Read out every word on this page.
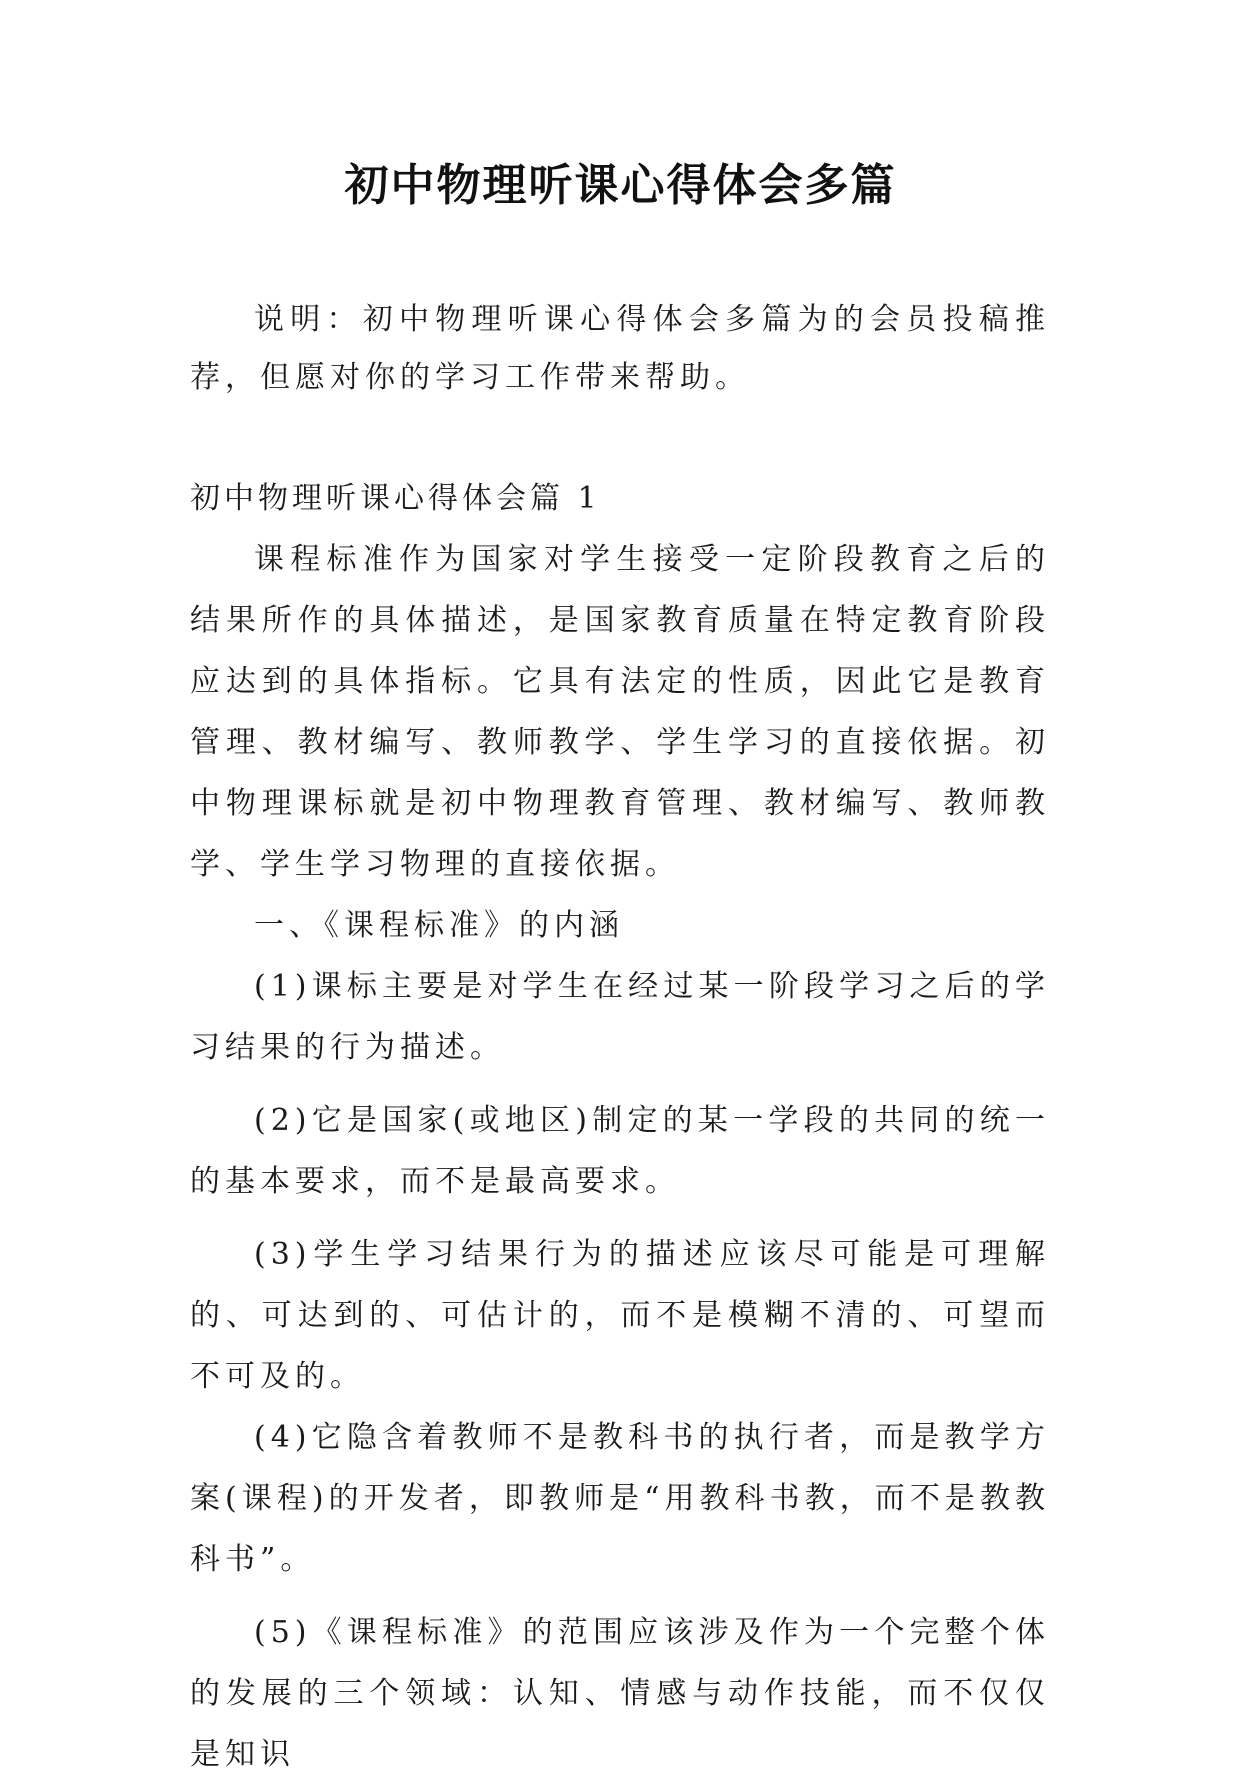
初中物理听课心得体会多篇

说明：初中物理听课心得体会多篇为的会员投稿推荐，但愿对你的学习工作带来帮助。

初中物理听课心得体会篇 1

课程标准作为国家对学生接受一定阶段教育之后的结果所作的具体描述，是国家教育质量在特定教育阶段应达到的具体指标。它具有法定的性质，因此它是教育管理、教材编写、教师教学、学生学习的直接依据。初中物理课标就是初中物理教育管理、教材编写、教师教学、学生学习物理的直接依据。

一、《课程标准》的内涵

(1)课标主要是对学生在经过某一阶段学习之后的学习结果的行为描述。

(2)它是国家(或地区)制定的某一学段的共同的统一的基本要求，而不是最高要求。

(3)学生学习结果行为的描述应该尽可能是可理解的、可达到的、可估计的，而不是模糊不清的、可望而不可及的。

(4)它隐含着教师不是教科书的执行者，而是教学方案(课程)的开发者，即教师是“用教科书教，而不是教教科书”。

(5)《课程标准》的范围应该涉及作为一个完整个体的发展的三个领域：认知、情感与动作技能，而不仅仅是知识
